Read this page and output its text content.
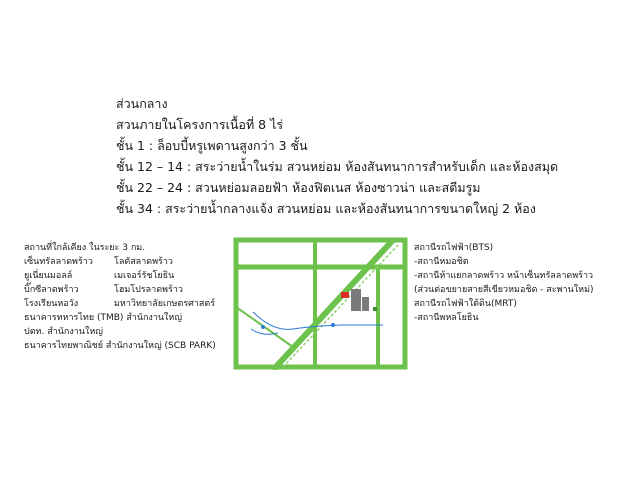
ส่วนกลาง
สวนภายในโครงการเนื้อที่ 8 ไร่
ชั้น 1 : ล็อบบี้หรูเพดานสูงกว่า 3 ชั้น
ชั้น 12 – 14 : สระว่ายน้ำในร่ม สวนหย่อม ห้องสันทนาการสำหรับเด็ก และห้องสมุด
ชั้น 22 – 24 : สวนหย่อมลอยฟ้า ห้องฟิตเนส ห้องซาวน่า และสตีมรูม
ชั้น 34 : สระว่ายน้ำกลางแจ้ง สวนหย่อม และห้องสันทนาการขนาดใหญ่ 2 ห้อง
สถานที่ใกล้เคียง ในระยะ 3 กม.
เซ็นทรัลลาดพร้าว	โลตัสลาดพร้าว
ยูเนี่ยนมอลล์	เมเจอร์รัชโยธิน
บิ๊กซีลาดพร้าว	โฮมโปรลาดพร้าว
โรงเรียนหอวัง	มหาวิทยาลัยเกษตรศาสตร์
ธนาคารทหารไทย (TMB) สำนักงานใหญ่
ปตท. สำนักงานใหญ่
ธนาคารไทยพาณิชย์ สำนักงานใหญ่ (SCB PARK)
สถานีรถไฟฟ้า(BTS)
-สถานีหมอชิต
-สถานีห้าแยกลาดพร้าว หน้าเซ็นทรัลลาดพร้าว
(ส่วนต่อขยายสายสีเขียวหมอชิต - สะพานใหม่)
สถานีรถไฟฟ้าใต้ดิน(MRT)
-สถานีพหลโยธิน
